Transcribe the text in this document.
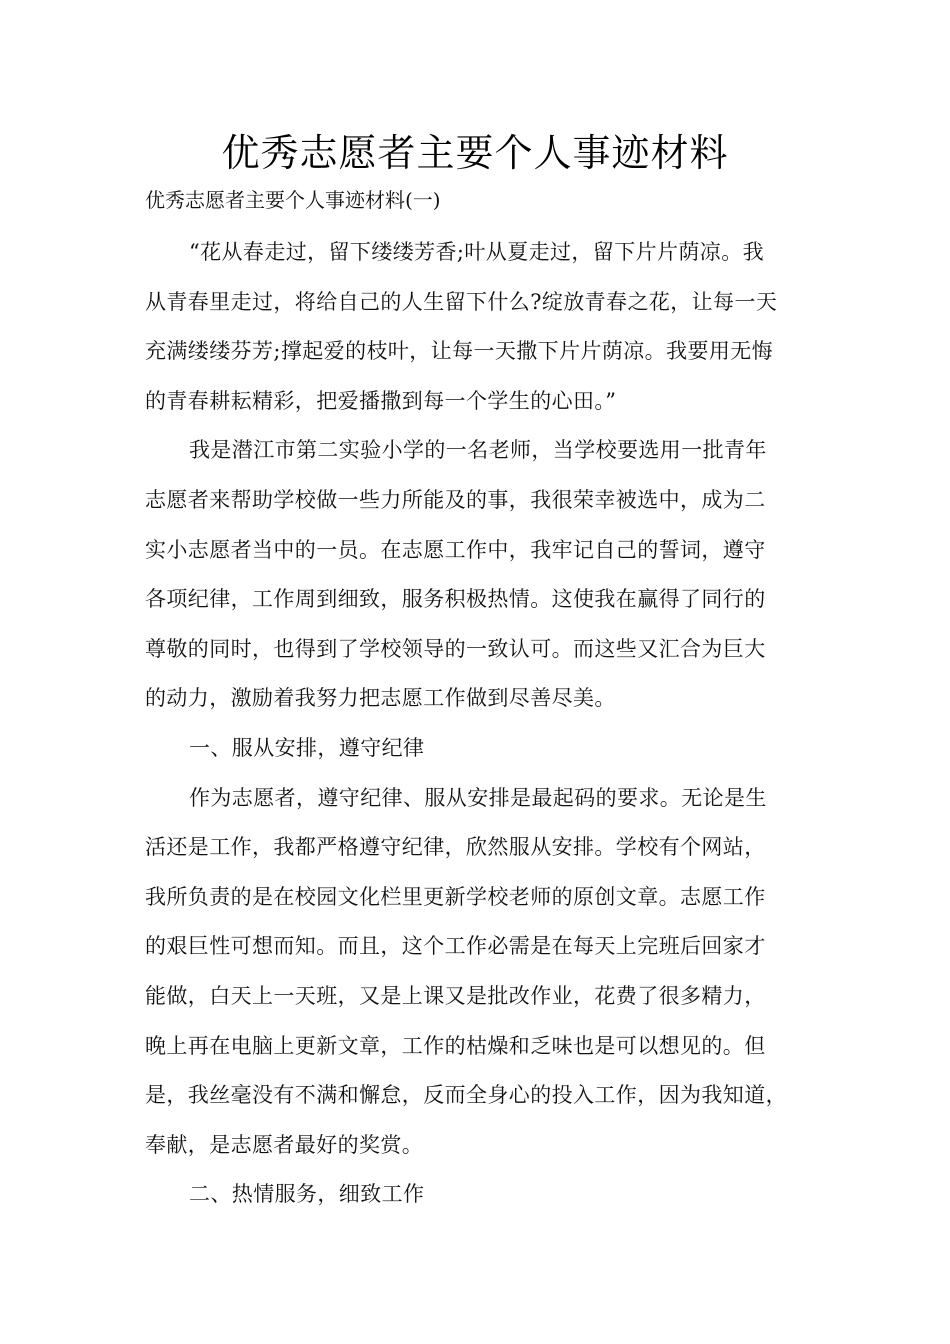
优秀志愿者主要个人事迹材料
优秀志愿者主要个人事迹材料(一)
“花从春走过，留下缕缕芳香;叶从夏走过，留下片片荫凉。我
从青春里走过，将给自己的人生留下什么?绽放青春之花，让每一天
充满缕缕芬芳;撑起爱的枝叶，让每一天撒下片片荫凉。我要用无悔
的青春耕耘精彩，把爱播撒到每一个学生的心田。”
我是潜江市第二实验小学的一名老师，当学校要选用一批青年
志愿者来帮助学校做一些力所能及的事，我很荣幸被选中，成为二
实小志愿者当中的一员。在志愿工作中，我牢记自己的誓词，遵守
各项纪律，工作周到细致，服务积极热情。这使我在赢得了同行的
尊敬的同时，也得到了学校领导的一致认可。而这些又汇合为巨大
的动力，激励着我努力把志愿工作做到尽善尽美。
一、服从安排，遵守纪律
作为志愿者，遵守纪律、服从安排是最起码的要求。无论是生
活还是工作，我都严格遵守纪律，欣然服从安排。学校有个网站，
我所负责的是在校园文化栏里更新学校老师的原创文章。志愿工作
的艰巨性可想而知。而且，这个工作必需是在每天上完班后回家才
能做，白天上一天班，又是上课又是批改作业，花费了很多精力，
晚上再在电脑上更新文章，工作的枯燥和乏味也是可以想见的。但
是，我丝毫没有不满和懈怠，反而全身心的投入工作，因为我知道，
奉献，是志愿者最好的奖赏。
二、热情服务，细致工作
